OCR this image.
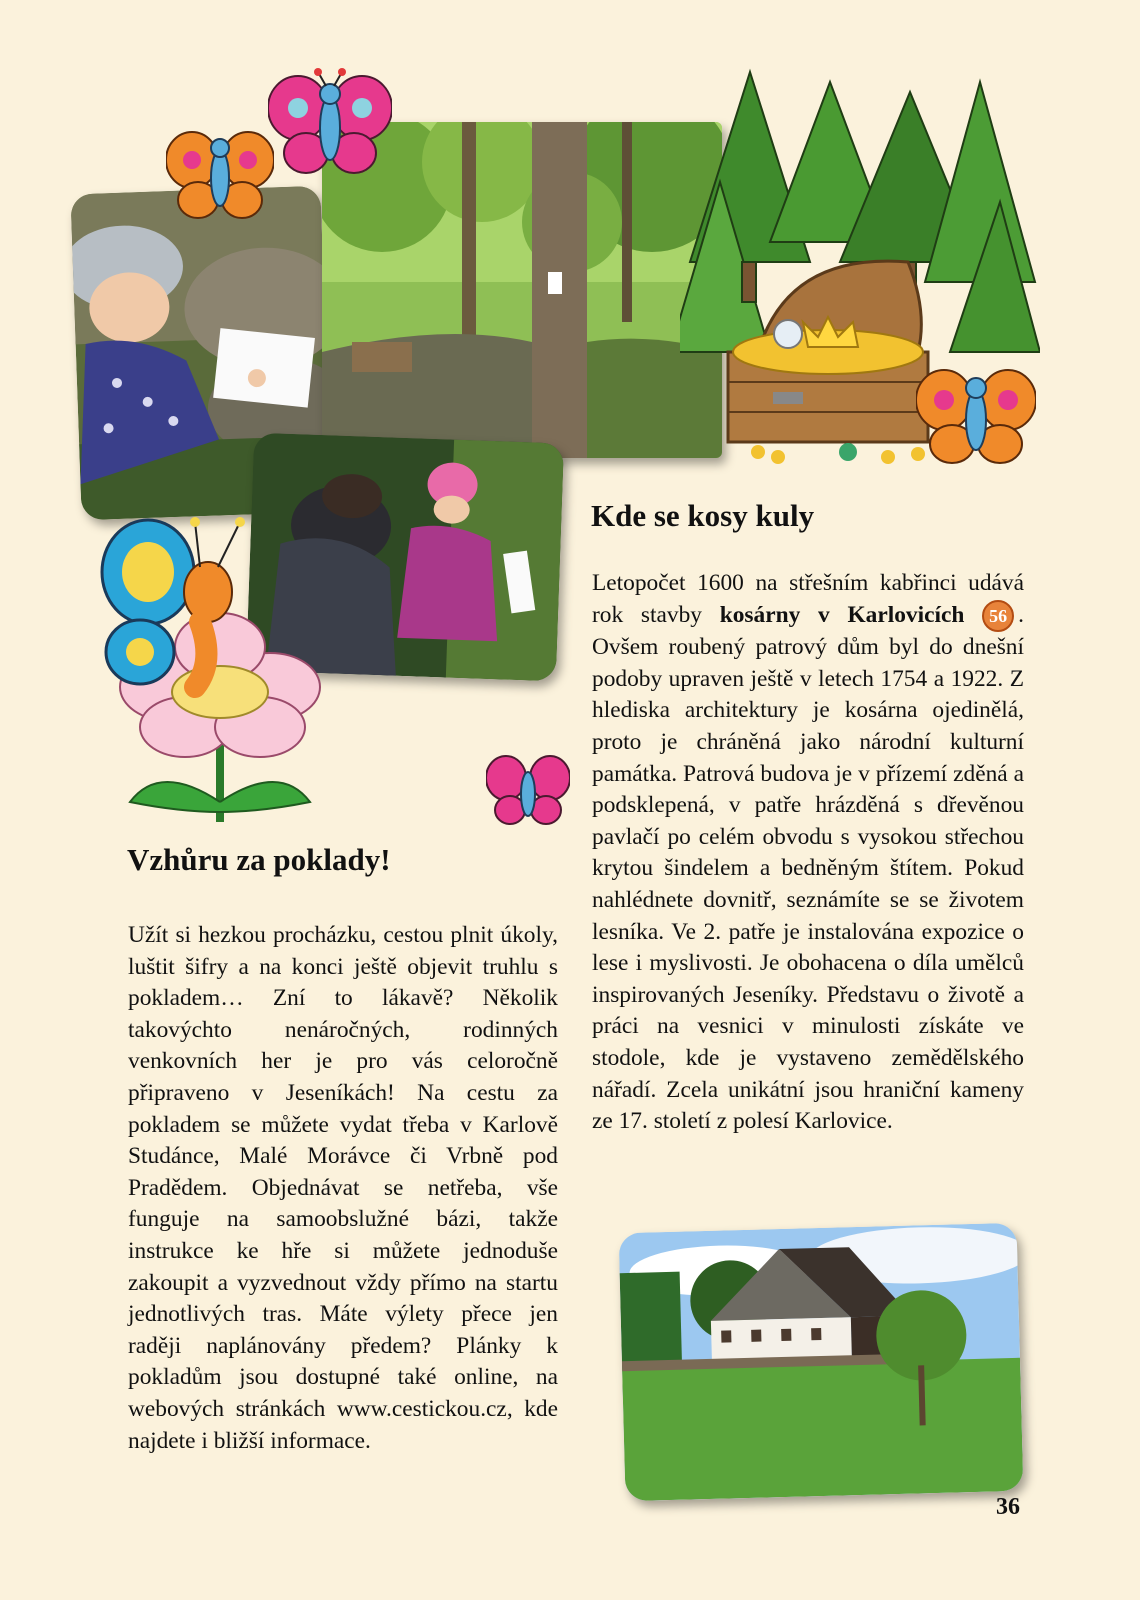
Vzhůru za poklady!

Užít si hezkou procházku, cestou plnit úkoly, luštit šifry a na konci ještě objevit truhlu s pokladem… Zní to lákavě? Několik takovýchto nenáročných, rodinných venkovních her je pro vás celoročně připraveno v Jeseníkách! Na cestu za pokladem se můžete vydat třeba v Karlově Studánce, Malé Morávce či Vrbně pod Pradědem. Objednávat se netřeba, vše funguje na samoobslužné bázi, takže instrukce ke hře si můžete jednoduše zakoupit a vyzvednout vždy přímo na startu jednotlivých tras. Máte výlety přece jen raději naplánovány předem? Plánky k pokladům jsou dostupné také online, na webových stránkách www.cestickou.cz, kde najdete i bližší informace.

Kde se kosy kuly

Letopočet 1600 na střešním kabřinci udává rok stavby kosárny v Karlovicích 56 . Ovšem roubený patrový dům byl do dnešní podoby upraven ještě v letech 1754 a 1922. Z hlediska architektury je kosárna ojedinělá, proto je chráněná jako národní kulturní památka. Patrová budova je v přízemí zděná a podsklepená, v patře hrázděná s dřevěnou pavlačí po celém obvodu s vysokou střechou krytou šindelem a bedněným štítem. Pokud nahlédnete dovnitř, seznámíte se se životem lesníka. Ve 2. patře je instalována expozice o lese i myslivosti. Je obohacena o díla umělců inspirovaných Jeseníky. Představu o životě a práci na vesnici v minulosti získáte ve stodole, kde je vystaveno zemědělského nářadí. Zcela unikátní jsou hraniční kameny ze 17. století z polesí Karlovice.

36
